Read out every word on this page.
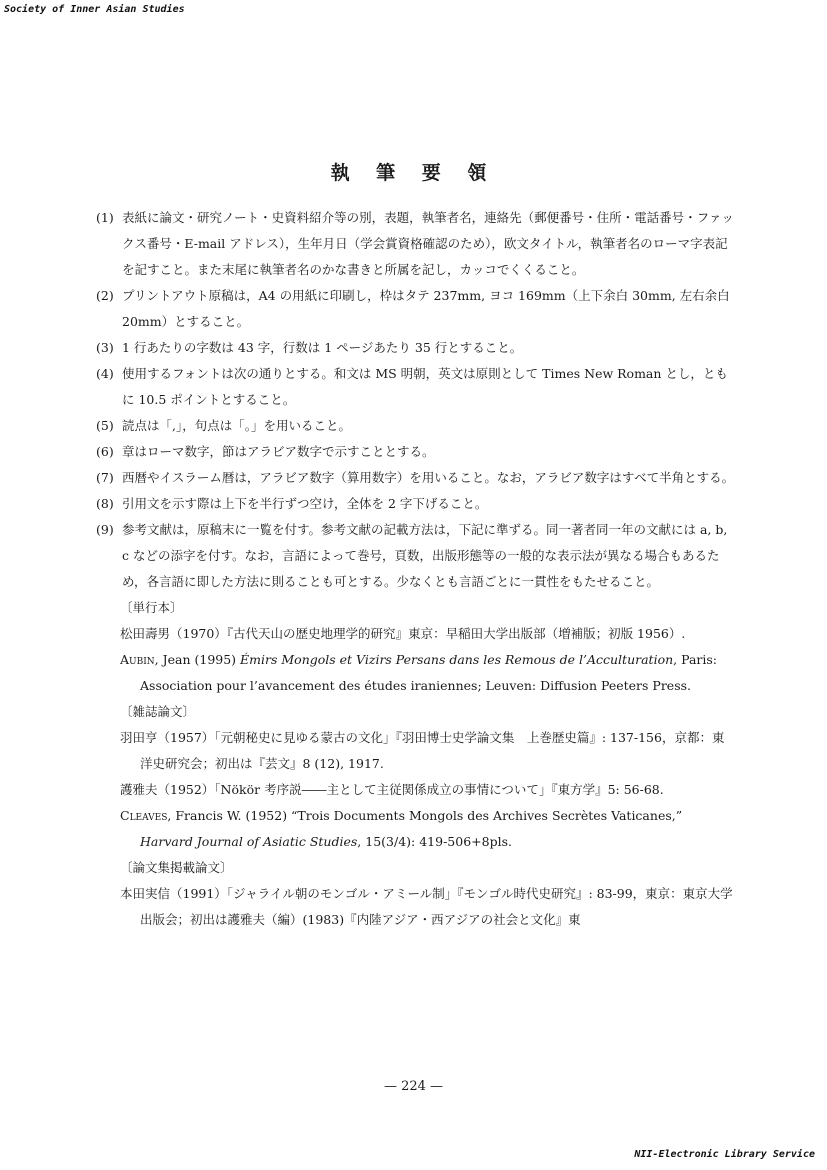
Society of Inner Asian Studies
執 筆 要 領
(1) 表紙に論文・研究ノート・史資料紹介等の別，表題，執筆者名，連絡先（郵便番号・住所・電話番号・ファックス番号・E-mail アドレス），生年月日（学会賞資格確認のため），欧文タイトル，執筆者名のローマ字表記を記すこと。また末尾に執筆者名のかな書きと所属を記し，カッコでくくること。
(2) プリントアウト原稿は，A4 の用紙に印刷し，枠はタテ 237mm, ヨコ 169mm（上下余白 30mm, 左右余白 20mm）とすること。
(3) 1 行あたりの字数は 43 字，行数は 1 ページあたり 35 行とすること。
(4) 使用するフォントは次の通りとする。和文は MS 明朝，英文は原則として Times New Roman とし，ともに 10.5 ポイントとすること。
(5) 読点は「,」，句点は「。」を用いること。
(6) 章はローマ数字，節はアラビア数字で示すこととする。
(7) 西暦やイスラーム暦は，アラビア数字（算用数字）を用いること。なお，アラビア数字はすべて半角とする。
(8) 引用文を示す際は上下を半行ずつ空け，全体を 2 字下げること。
(9) 参考文献は，原稿末に一覧を付す。参考文献の記載方法は，下記に準ずる。同一著者同一年の文献には a, b, c などの添字を付す。なお，言語によって巻号，頁数，出版形態等の一般的な表示法が異なる場合もあるため，各言語に即した方法に則ることも可とする。少なくとも言語ごとに一貫性をもたせること。
〔単行本〕
松田壽男（1970）『古代天山の歴史地理学的研究』東京：早稲田大学出版部（増補版；初版 1956）.
Aubin, Jean (1995) Émirs Mongols et Vizirs Persans dans les Remous de l’Acculturation, Paris: Association pour l’avancement des études iraniennes; Leuven: Diffusion Peeters Press.
〔雑誌論文〕
羽田亨（1957）「元朝秘史に見ゆる蒙古の文化」『羽田博士史学論文集　上巻歴史篇』: 137-156，京都：東洋史研究会；初出は『芸文』8 (12), 1917.
護雅夫（1952）「Nökör 考序説――主として主従関係成立の事情について」『東方学』5: 56-68.
Cleaves, Francis W. (1952) “Trois Documents Mongols des Archives Secrètes Vaticanes,” Harvard Journal of Asiatic Studies, 15(3/4): 419-506+8pls.
〔論文集掲載論文〕
本田実信（1991）「ジャライル朝のモンゴル・アミール制」『モンゴル時代史研究』: 83-99，東京：東京大学出版会；初出は護雅夫（編）(1983)『内陸アジア・西アジアの社会と文化』東
— 224 —
NII-Electronic Library Service
